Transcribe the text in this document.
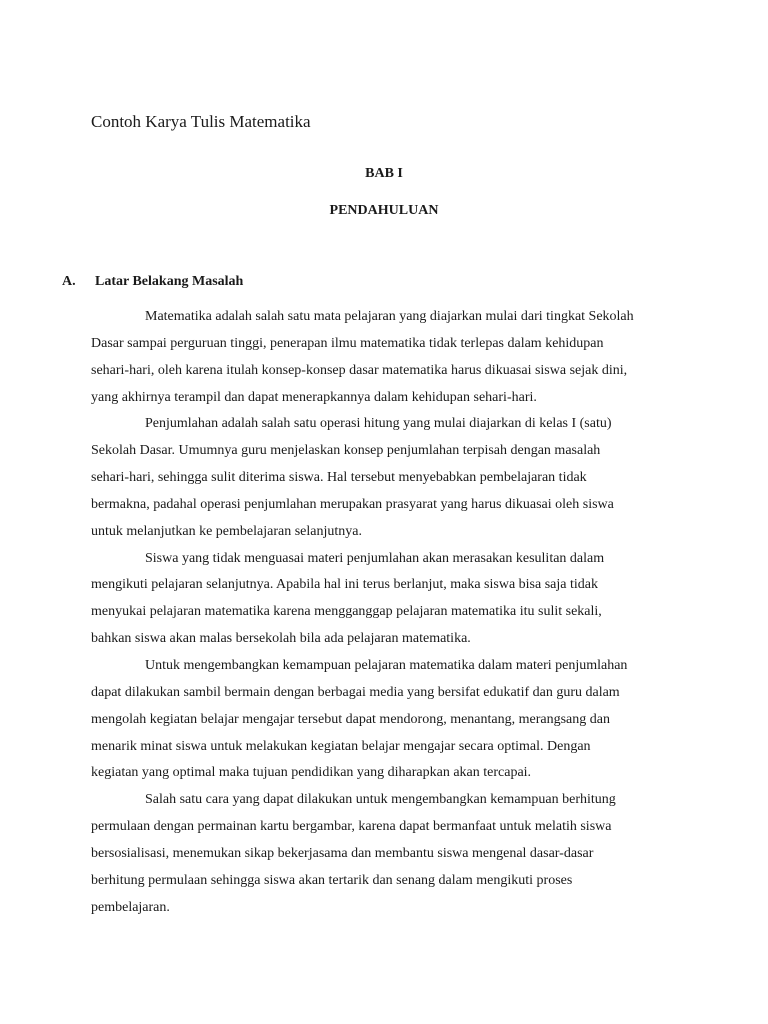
Contoh Karya Tulis Matematika
BAB I
PENDAHULUAN
A. Latar Belakang Masalah

Matematika adalah salah satu mata pelajaran yang diajarkan mulai dari tingkat Sekolah
Dasar sampai perguruan tinggi, penerapan ilmu matematika tidak terlepas dalam kehidupan
sehari-hari, oleh karena itulah konsep-konsep dasar matematika harus dikuasai siswa sejak dini,
yang akhirnya terampil dan dapat menerapkannya dalam kehidupan sehari-hari.

Penjumlahan adalah salah satu operasi hitung yang mulai diajarkan di kelas I (satu)
Sekolah Dasar. Umumnya guru menjelaskan konsep penjumlahan terpisah dengan masalah
sehari-hari, sehingga sulit diterima siswa. Hal tersebut menyebabkan pembelajaran tidak
bermakna, padahal operasi penjumlahan merupakan prasyarat yang harus dikuasai oleh siswa
untuk melanjutkan ke pembelajaran selanjutnya.

Siswa yang tidak menguasai materi penjumlahan akan merasakan kesulitan dalam
mengikuti pelajaran selanjutnya. Apabila hal ini terus berlanjut, maka siswa bisa saja tidak
menyukai pelajaran matematika karena mengganggap pelajaran matematika itu sulit sekali,
bahkan siswa akan malas bersekolah bila ada pelajaran matematika.

Untuk mengembangkan kemampuan pelajaran matematika dalam materi penjumlahan
dapat dilakukan sambil bermain dengan berbagai media yang bersifat edukatif dan guru dalam
mengolah kegiatan belajar mengajar tersebut dapat mendorong, menantang, merangsang dan
menarik minat siswa untuk melakukan kegiatan belajar mengajar secara optimal. Dengan
kegiatan yang optimal maka tujuan pendidikan yang diharapkan akan tercapai.

Salah satu cara yang dapat dilakukan untuk mengembangkan kemampuan berhitung
permulaan dengan permainan kartu bergambar, karena dapat bermanfaat untuk melatih siswa
bersosialisasi, menemukan sikap bekerjasama dan membantu siswa mengenal dasar-dasar
berhitung permulaan sehingga siswa akan tertarik dan senang dalam mengikuti proses
pembelajaran.
